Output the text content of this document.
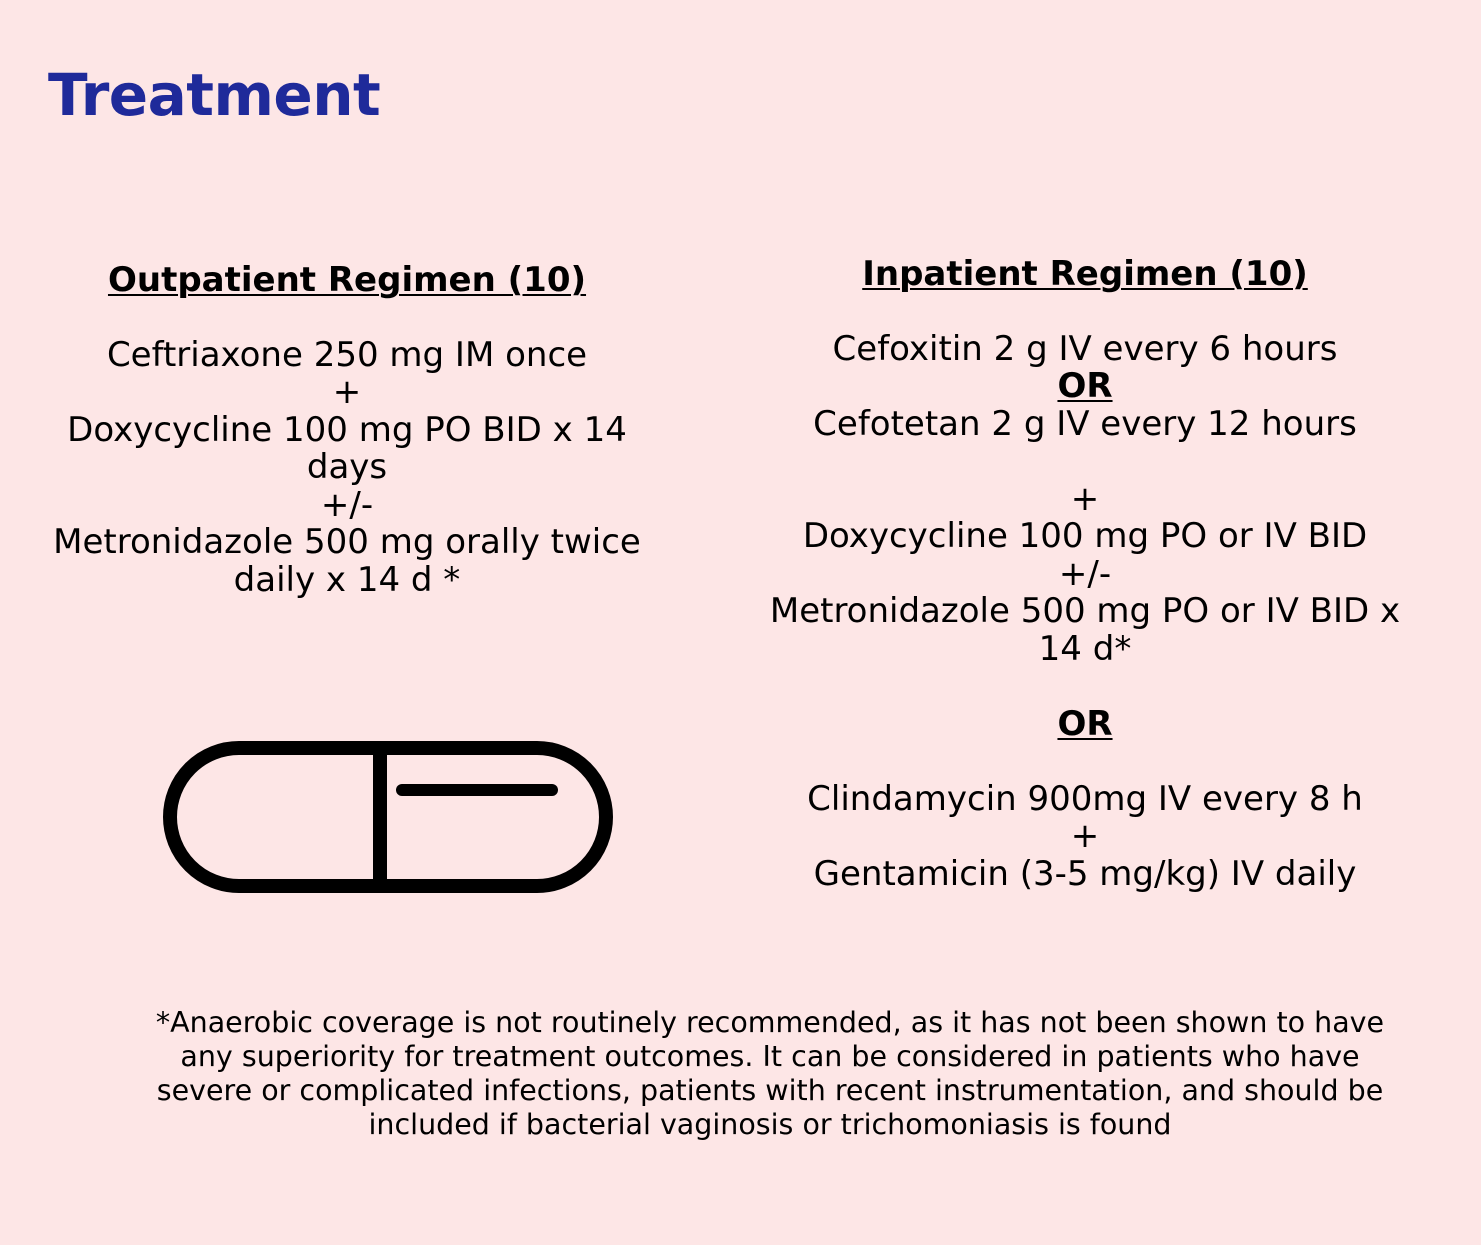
Treatment
Outpatient Regimen (10)
Ceftriaxone 250 mg IM once
+
Doxycycline 100 mg PO BID x 14
days
+/-
Metronidazole 500 mg orally twice
daily x 14 d *
Inpatient Regimen (10)
Cefoxitin 2 g IV every 6 hours
OR
Cefotetan 2 g IV every 12 hours
+
Doxycycline 100 mg PO or IV BID
+/-
Metronidazole 500 mg PO or IV BID x
14 d*
OR
Clindamycin 900mg IV every 8 h
+
Gentamicin (3-5 mg/kg) IV daily
*Anaerobic coverage is not routinely recommended, as it has not been shown to have
any superiority for treatment outcomes. It can be considered in patients who have
severe or complicated infections, patients with recent instrumentation, and should be
included if bacterial vaginosis or trichomoniasis is found
